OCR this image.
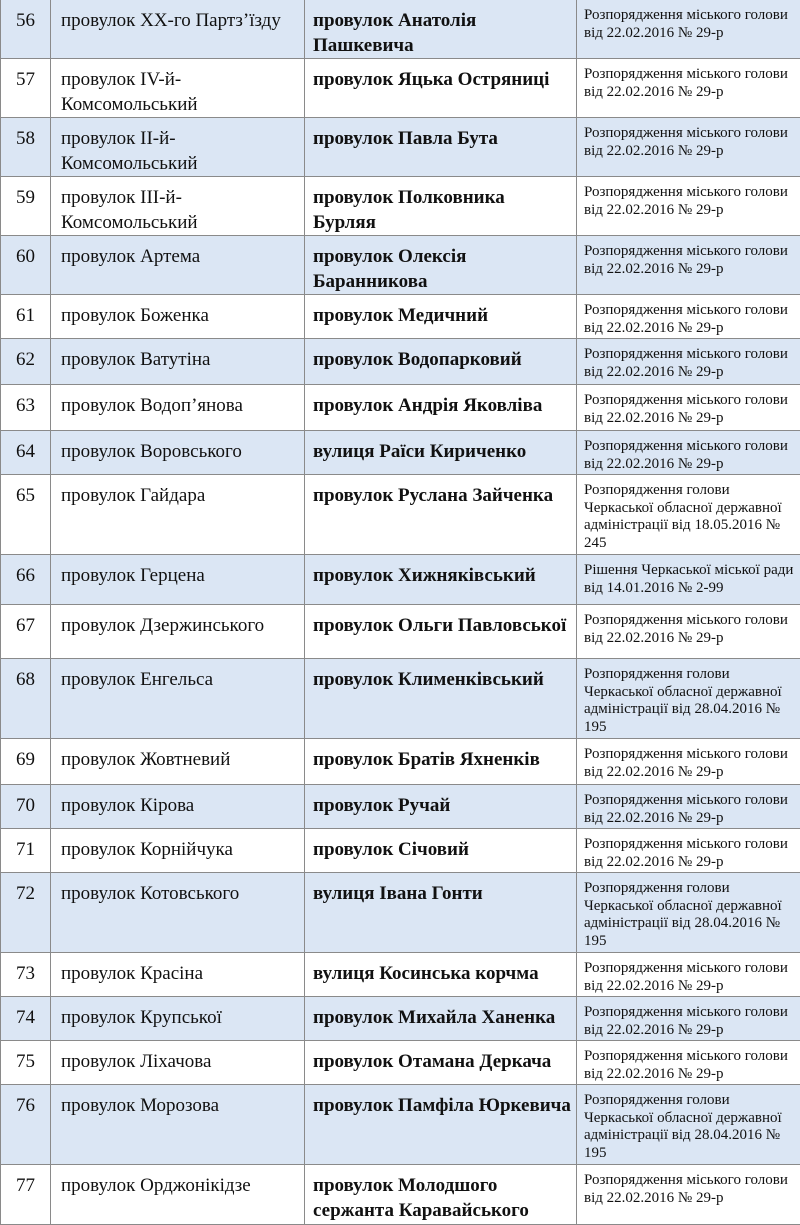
56	провулок XX-го Партз’їзду	провулок Анатолія Пашкевича	Розпорядження міського голови від 22.02.2016 № 29-р
57	провулок IV-й-Комсомольський	провулок Яцька Остряниці	Розпорядження міського голови від 22.02.2016 № 29-р
58	провулок II-й-Комсомольський	провулок Павла Бута	Розпорядження міського голови від 22.02.2016 № 29-р
59	провулок III-й-Комсомольський	провулок Полковника Бурляя	Розпорядження міського голови від 22.02.2016 № 29-р
60	провулок Артема	провулок Олексія Баранникова	Розпорядження міського голови від 22.02.2016 № 29-р
61	провулок Боженка	провулок Медичний	Розпорядження міського голови від 22.02.2016 № 29-р
62	провулок Ватутіна	провулок Водопарковий	Розпорядження міського голови від 22.02.2016 № 29-р
63	провулок Водоп’янова	провулок Андрія Яковліва	Розпорядження міського голови від 22.02.2016 № 29-р
64	провулок Воровського	вулиця Раїси Кириченко	Розпорядження міського голови від 22.02.2016 № 29-р
65	провулок Гайдара	провулок Руслана Зайченка	Розпорядження голови Черкаської обласної державної адміністрації від 18.05.2016 № 245
66	провулок Герцена	провулок Хижняківський	Рішення Черкаської міської ради від 14.01.2016 № 2-99
67	провулок Дзержинського	провулок Ольги Павловської	Розпорядження міського голови від 22.02.2016 № 29-р
68	провулок Енгельса	провулок Клименківський	Розпорядження голови Черкаської обласної державної адміністрації від 28.04.2016 № 195
69	провулок Жовтневий	провулок Братів Яхненків	Розпорядження міського голови від 22.02.2016 № 29-р
70	провулок Кірова	провулок Ручай	Розпорядження міського голови від 22.02.2016 № 29-р
71	провулок Корнійчука	провулок Січовий	Розпорядження міського голови від 22.02.2016 № 29-р
72	провулок Котовського	вулиця Івана Гонти	Розпорядження голови Черкаської обласної державної адміністрації від 28.04.2016 № 195
73	провулок Красіна	вулиця Косинська корчма	Розпорядження міського голови від 22.02.2016 № 29-р
74	провулок Крупської	провулок Михайла Ханенка	Розпорядження міського голови від 22.02.2016 № 29-р
75	провулок Ліхачова	провулок Отамана Деркача	Розпорядження міського голови від 22.02.2016 № 29-р
76	провулок Морозова	провулок Памфіла Юркевича	Розпорядження голови Черкаської обласної державної адміністрації від 28.04.2016 № 195
77	провулок Орджонікідзе	провулок Молодшого сержанта Каравайського	Розпорядження міського голови від 22.02.2016 № 29-р
